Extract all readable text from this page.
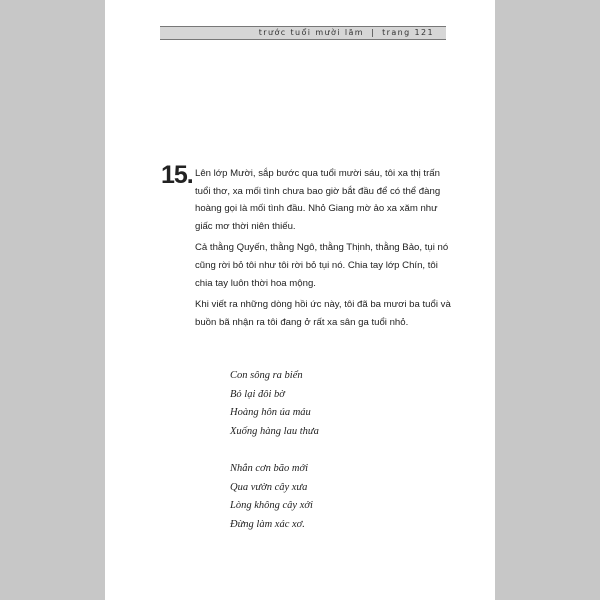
trước tuổi mười lăm | trang 121
15. Lên lớp Mười, sắp bước qua tuổi mười sáu, tôi xa thị trấn tuổi thơ, xa mối tình chưa bao giờ bắt đầu để có thể đàng hoàng gọi là mối tình đầu. Nhỏ Giang mờ ảo xa xăm như giấc mơ thời niên thiếu.

Cả thằng Quyến, thằng Ngô, thằng Thịnh, thằng Bảo, tụi nó cũng rời bỏ tôi như tôi rời bỏ tụi nó. Chia tay lớp Chín, tôi chia tay luôn thời hoa mộng.

Khi viết ra những dòng hồi ức này, tôi đã ba mươi ba tuổi và buồn bã nhận ra tôi đang ở rất xa sân ga tuổi nhỏ.

Con sông ra biển
Bỏ lại đôi bờ
Hoàng hôn úa máu
Xuống hàng lau thưa
Nhắn cơn bão mới
Qua vườn cây xưa
Lòng không cây xởi
Đừng làm xác xơ.
